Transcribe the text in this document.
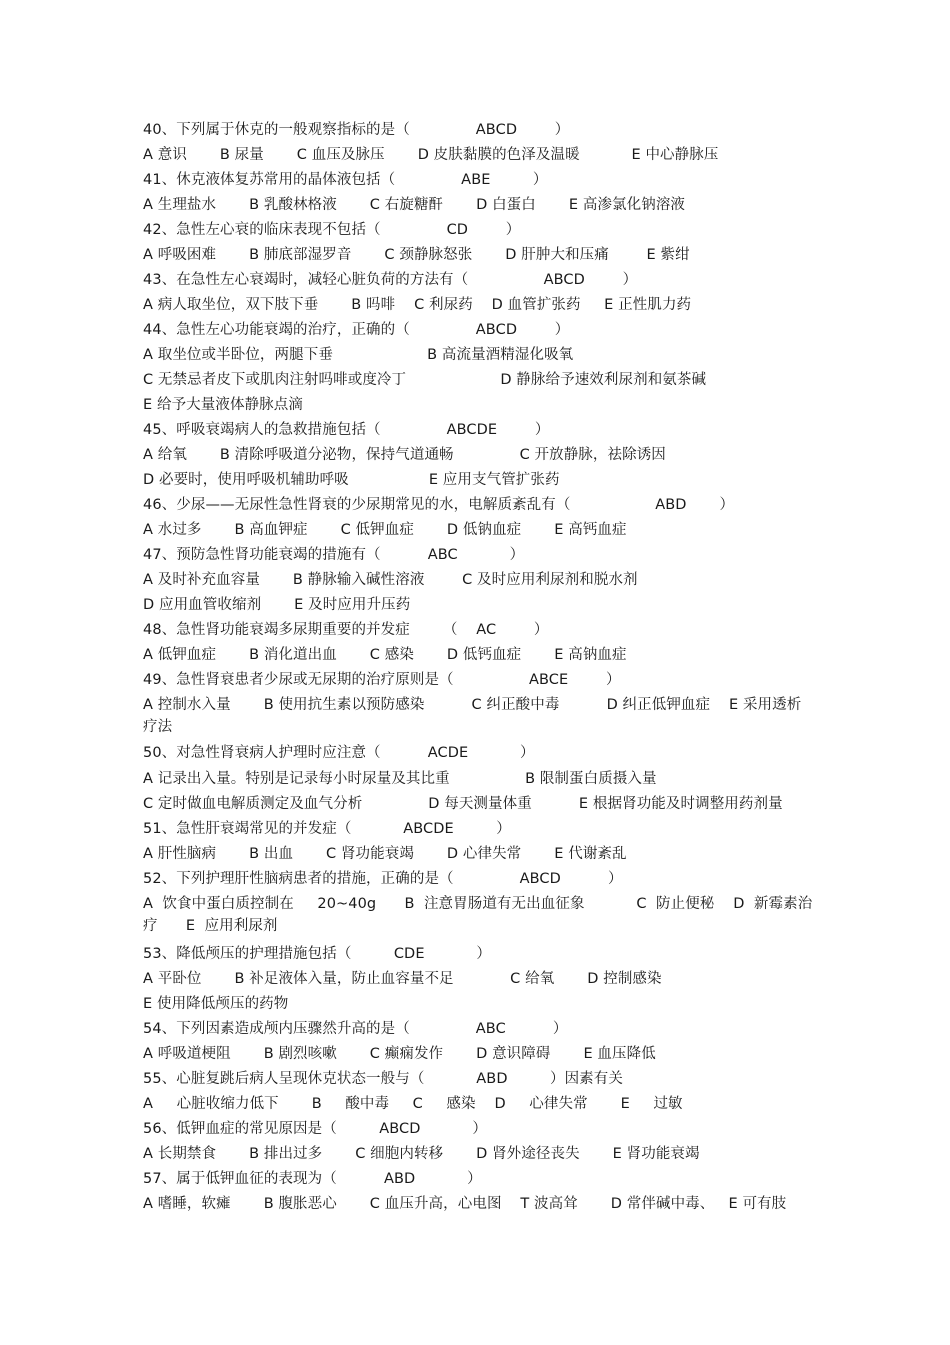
40、下列属于休克的一般观察指标的是（              ABCD        ）
A 意识       B 尿量       C 血压及脉压       D 皮肤黏膜的色泽及温暖           E 中心静脉压
41、休克液体复苏常用的晶体液包括（              ABE         ）
A 生理盐水       B 乳酸林格液       C 右旋糖酐       D 白蛋白       E 高渗氯化钠溶液
42、急性左心衰的临床表现不包括（              CD        ）
A 呼吸困难       B 肺底部湿罗音       C 颈静脉怒张       D 肝肿大和压痛        E 紫绀
43、在急性左心衰竭时，减轻心脏负荷的方法有（                ABCD        ）
A 病人取坐位，双下肢下垂       B 吗啡    C 利尿药    D 血管扩张药     E 正性肌力药
44、急性左心功能衰竭的治疗，正确的（              ABCD        ）
A 取坐位或半卧位，两腿下垂                    B 高流量酒精湿化吸氧
C 无禁忌者皮下或肌肉注射吗啡或度冷丁                    D 静脉给予速效利尿剂和氨茶碱
E 给予大量液体静脉点滴
45、呼吸衰竭病人的急救措施包括（              ABCDE        ）
A 给氧       B 清除呼吸道分泌物，保持气道通畅              C 开放静脉，祛除诱因
D 必要时，使用呼吸机辅助呼吸                 E 应用支气管扩张药
46、少尿——无尿性急性肾衰的少尿期常见的水，电解质紊乱有（                  ABD       ）
A 水过多       B 高血钾症       C 低钾血症       D 低钠血症       E 高钙血症
47、预防急性肾功能衰竭的措施有（          ABC           ）
A 及时补充血容量       B 静脉输入碱性溶液        C 及时应用利尿剂和脱水剂
D 应用血管收缩剂       E 及时应用升压药
48、急性肾功能衰竭多尿期重要的并发症       （    AC        ）
A 低钾血症       B 消化道出血       C 感染       D 低钙血症       E 高钠血症
49、急性肾衰患者少尿或无尿期的治疗原则是（                ABCE        ）
A 控制水入量       B 使用抗生素以预防感染          C 纠正酸中毒          D 纠正低钾血症    E 采用透析
疗法
50、对急性肾衰病人护理时应注意（          ACDE           ）
A 记录出入量。特别是记录每小时尿量及其比重                B 限制蛋白质摄入量
C 定时做血电解质测定及血气分析              D 每天测量体重          E 根据肾功能及时调整用药剂量
51、急性肝衰竭常见的并发症（           ABCDE         ）
A 肝性脑病       B 出血       C 肾功能衰竭       D 心律失常       E 代谢紊乱
52、下列护理肝性脑病患者的措施，正确的是（              ABCD          ）
A  饮食中蛋白质控制在     20~40g      B  注意胃肠道有无出血征象           C  防止便秘    D  新霉素治
疗      E  应用利尿剂
53、降低颅压的护理措施包括（         CDE           ）
A 平卧位       B 补足液体入量，防止血容量不足            C 给氧       D 控制感染
E 使用降低颅压的药物
54、下列因素造成颅内压骤然升高的是（              ABC          ）
A 呼吸道梗阻       B 剧烈咳嗽       C 癫痫发作       D 意识障碍       E 血压降低
55、心脏复跳后病人呈现休克状态一般与（           ABD         ）因素有关
A     心脏收缩力低下       B     酸中毒     C     感染    D     心律失常       E     过敏
56、低钾血症的常见原因是（         ABCD           ）
A 长期禁食       B 排出过多       C 细胞内转移       D 肾外途径丧失       E 肾功能衰竭
57、属于低钾血征的表现为（          ABD           ）
A 嗜睡，软瘫       B 腹胀恶心       C 血压升高，心电图    T 波高耸       D 常伴碱中毒、   E 可有肢
